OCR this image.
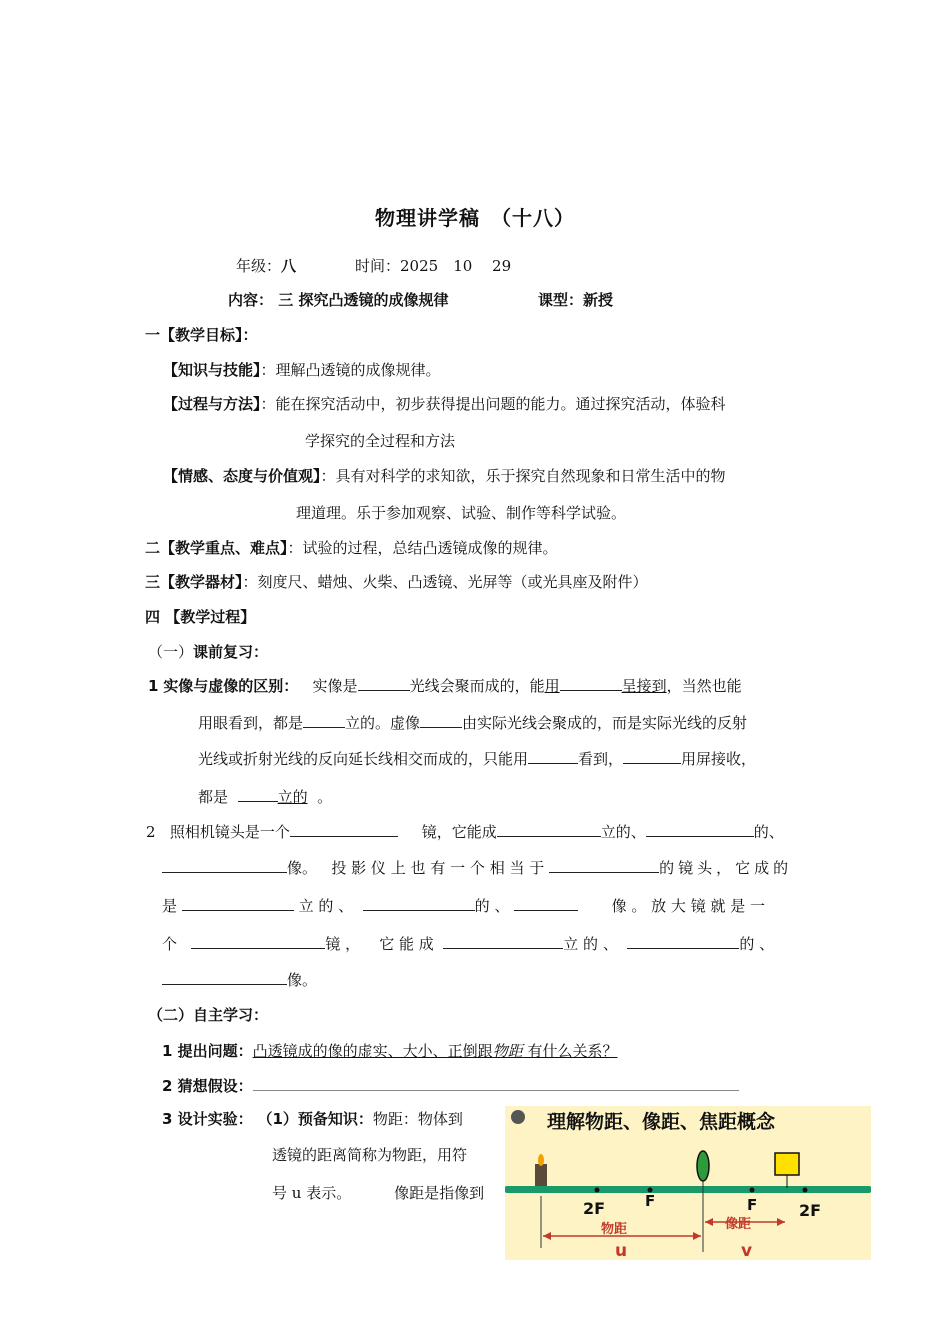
物理讲学稿　（十八）
年级：八	时间：2025　10　 29
内容： 三 探究凸透镜的成像规律	课型：新授
一【教学目标】：
【知识与技能】：理解凸透镜的成像规律。
【过程与方法】：能在探究活动中，初步获得提出问题的能力。通过探究活动，体验科
学探究的全过程和方法
【情感、态度与价值观】：具有对科学的求知欲，乐于探究自然现象和日常生活中的物
理道理。乐于参加观察、试验、制作等科学试验。
二【教学重点、难点】：试验的过程，总结凸透镜成像的规律。
三【教学器材】：刻度尺、蜡烛、火柴、凸透镜、光屏等（或光具座及附件）
四 【教学过程】
（一）课前复习：
1 实像与虚像的区别： 实像是	光线会聚而成的，能用	呈接到，当然也能
用眼看到，都是	立的。虚像	由实际光线会聚成的，而是实际光线的反射
光线或折射光线的反向延长线相交而成的，只能用	看到，	用屏接收，
都是	立的 。
2 照相机镜头是一个	镜，它能成	立的、	的、
像。 投 影 仪 上 也 有 一 个 相 当 于	的镜头，它成的
是	立 的 、	的 、	像 。 放 大 镜 就 是 一
个	镜 ， 它 能 成	立 的 、	的 、
像。
（二）自主学习：
1 提出问题：凸透镜成的像的虚实、大小、正倒跟物距 有什么关系？
2 猜想假设：
3 设计实验： （1）预备知识：物距：物体到
透镜的距离简称为物距，用符
号 u 表示。	像距是指像到
理解物距、像距、焦距概念
2F	F	F	2F
物距
u
像距
v
